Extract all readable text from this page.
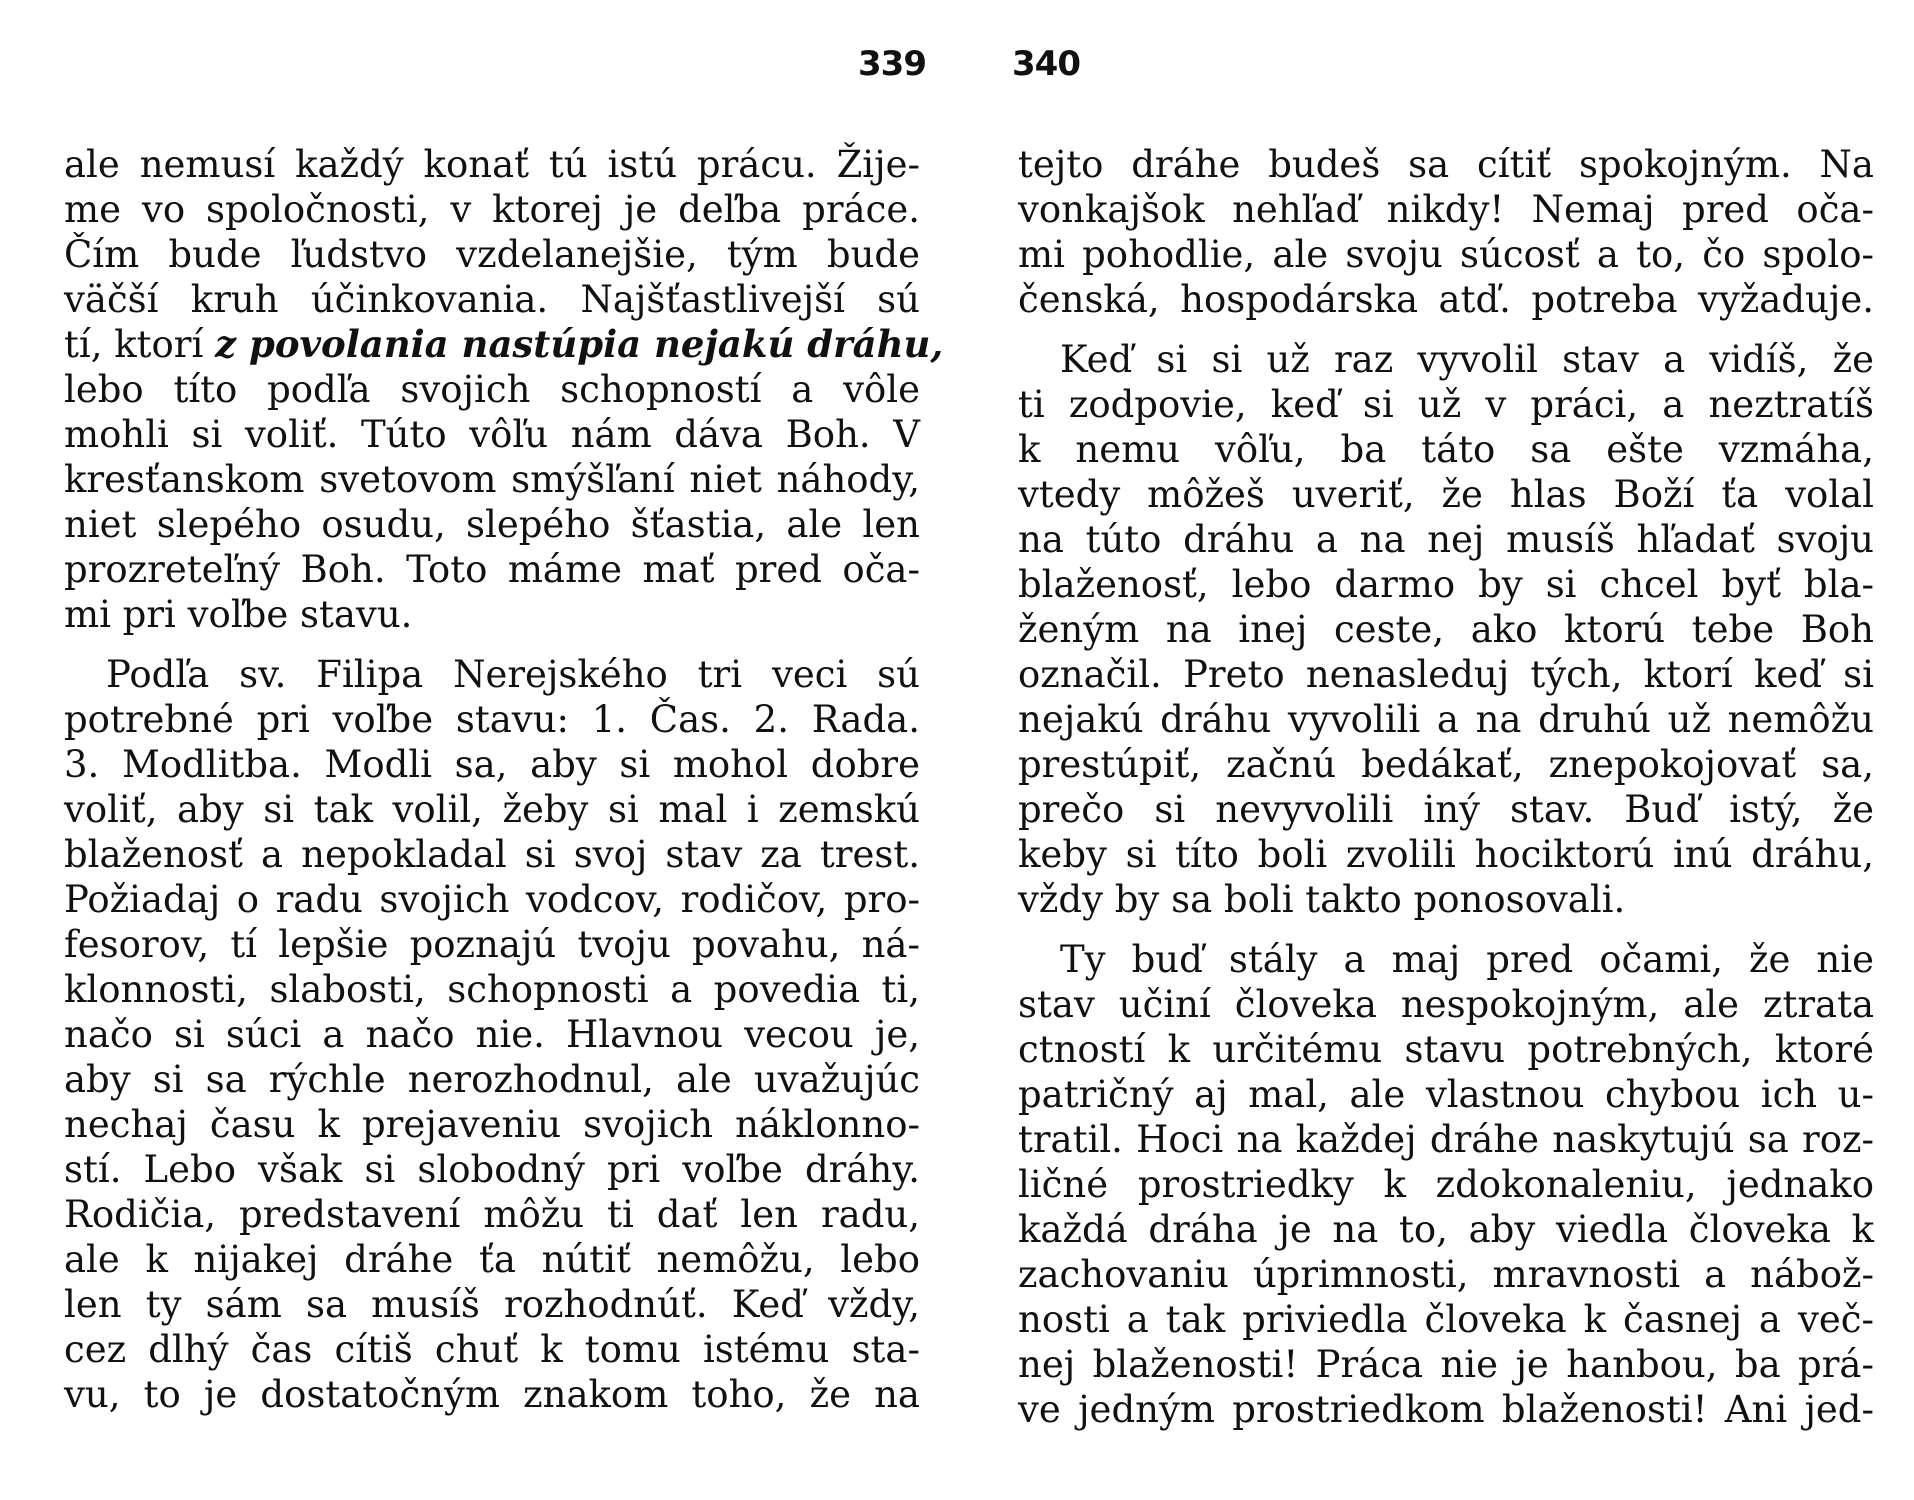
339	340
ale nemusí každý konať tú istú prácu. Žije-
me vo spoločnosti, v ktorej je deľba práce.
Čím bude ľudstvo vzdelanejšie, tým bude
väčší kruh účinkovania. Najšťastlivejší sú
tí, ktorí z povolania nastúpia nejakú dráhu,
lebo títo podľa svojich schopností a vôle
mohli si voliť. Túto vôľu nám dáva Boh. V
kresťanskom svetovom smýšľaní niet náhody,
niet slepého osudu, slepého šťastia, ale len
prozreteľný Boh. Toto máme mať pred oča-
mi pri voľbe stavu.
Podľa sv. Filipa Nerejského tri veci sú
potrebné pri voľbe stavu: 1. Čas. 2. Rada.
3. Modlitba. Modli sa, aby si mohol dobre
voliť, aby si tak volil, žeby si mal i zemskú
blaženosť a nepokladal si svoj stav za trest.
Požiadaj o radu svojich vodcov, rodičov, pro-
fesorov, tí lepšie poznajú tvoju povahu, ná-
klonnosti, slabosti, schopnosti a povedia ti,
načo si súci a načo nie. Hlavnou vecou je,
aby si sa rýchle nerozhodnul, ale uvažujúc
nechaj času k prejaveniu svojich náklonno-
stí. Lebo však si slobodný pri voľbe dráhy.
Rodičia, predstavení môžu ti dať len radu,
ale k nijakej dráhe ťa nútiť nemôžu, lebo
len ty sám sa musíš rozhodnúť. Keď vždy,
cez dlhý čas cítiš chuť k tomu istému sta-
vu, to je dostatočným znakom toho, že na
tejto dráhe budeš sa cítiť spokojným. Na
vonkajšok nehľaď nikdy! Nemaj pred oča-
mi pohodlie, ale svoju súcosť a to, čo spolo-
čenská, hospodárska atď. potreba vyžaduje.
Keď si si už raz vyvolil stav a vidíš, že
ti zodpovie, keď si už v práci, a neztratíš
k nemu vôľu, ba táto sa ešte vzmáha,
vtedy môžeš uveriť, že hlas Boží ťa volal
na túto dráhu a na nej musíš hľadať svoju
blaženosť, lebo darmo by si chcel byť bla-
ženým na inej ceste, ako ktorú tebe Boh
označil. Preto nenasleduj tých, ktorí keď si
nejakú dráhu vyvolili a na druhú už nemôžu
prestúpiť, začnú bedákať, znepokojovať sa,
prečo si nevyvolili iný stav. Buď istý, že
keby si títo boli zvolili hociktorú inú dráhu,
vždy by sa boli takto ponosovali.
Ty buď stály a maj pred očami, že nie
stav učiní človeka nespokojným, ale ztrata
ctností k určitému stavu potrebných, ktoré
patričný aj mal, ale vlastnou chybou ich u-
tratil. Hoci na každej dráhe naskytujú sa roz-
ličné prostriedky k zdokonaleniu, jednako
každá dráha je na to, aby viedla človeka k
zachovaniu úprimnosti, mravnosti a nábož-
nosti a tak priviedla človeka k časnej a več-
nej blaženosti! Práca nie je hanbou, ba prá-
ve jedným prostriedkom blaženosti! Ani jed-
